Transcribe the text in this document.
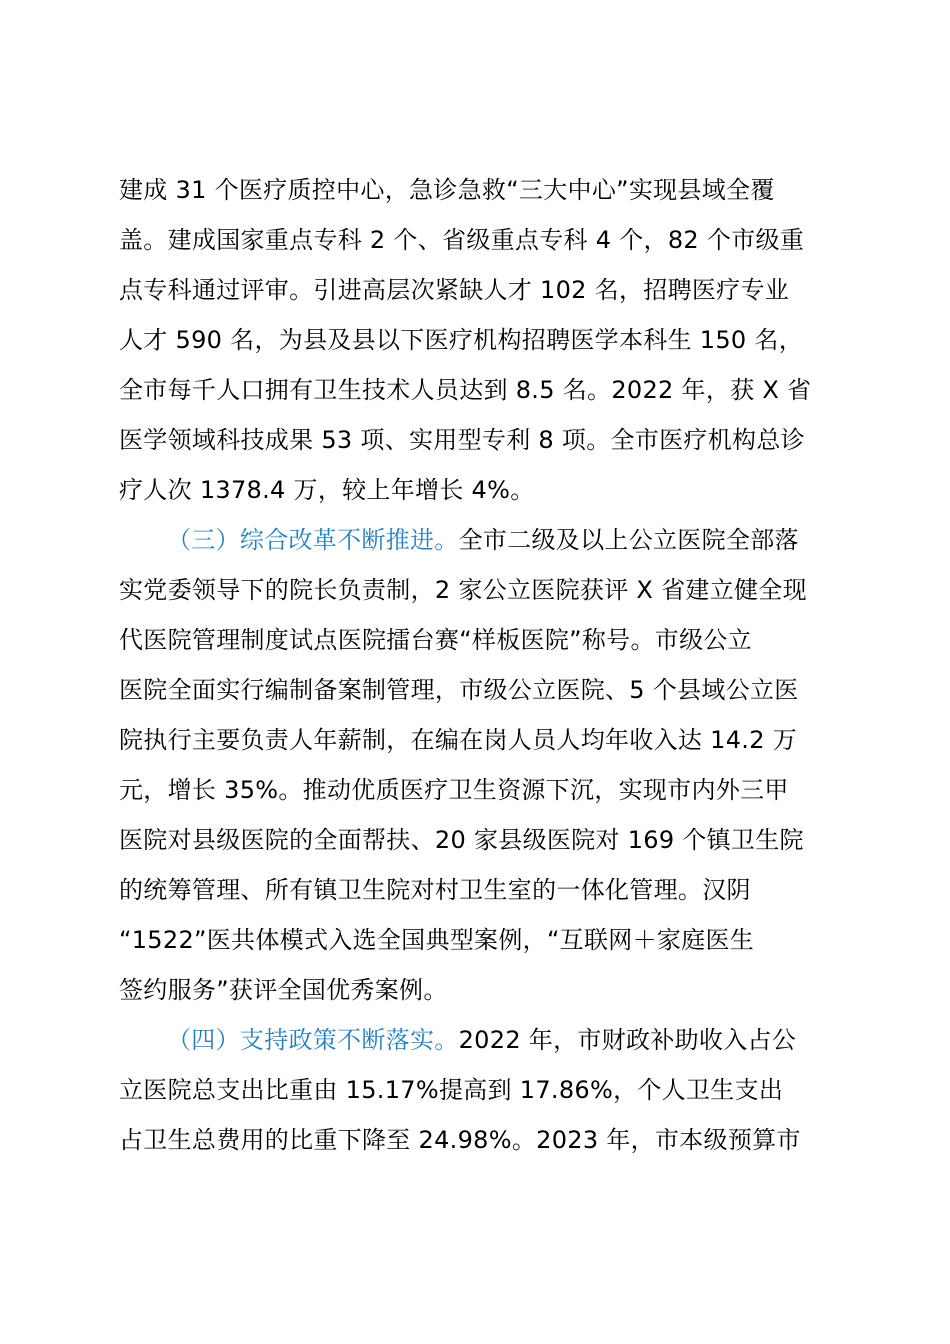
建成 31 个医疗质控中心，急诊急救“三大中心”实现县域全覆
盖。建成国家重点专科 2 个、省级重点专科 4 个，82 个市级重
点专科通过评审。引进高层次紧缺人才 102 名，招聘医疗专业
人才 590 名，为县及县以下医疗机构招聘医学本科生 150 名，
全市每千人口拥有卫生技术人员达到 8.5 名。2022 年，获 X 省
医学领域科技成果 53 项、实用型专利 8 项。全市医疗机构总诊
疗人次 1378.4 万，较上年增长 4%。
（三）综合改革不断推进。全市二级及以上公立医院全部落
实党委领导下的院长负责制，2 家公立医院获评 X 省建立健全现
代医院管理制度试点医院擂台赛“样板医院”称号。市级公立
医院全面实行编制备案制管理，市级公立医院、5 个县域公立医
院执行主要负责人年薪制，在编在岗人员人均年收入达 14.2 万
元，增长 35%。推动优质医疗卫生资源下沉，实现市内外三甲
医院对县级医院的全面帮扶、20 家县级医院对 169 个镇卫生院
的统筹管理、所有镇卫生院对村卫生室的一体化管理。汉阴
“1522”医共体模式入选全国典型案例，“互联网＋家庭医生
签约服务”获评全国优秀案例。
（四）支持政策不断落实。2022 年，市财政补助收入占公
立医院总支出比重由 15.17%提高到 17.86%，个人卫生支出
占卫生总费用的比重下降至 24.98%。2023 年，市本级预算市
